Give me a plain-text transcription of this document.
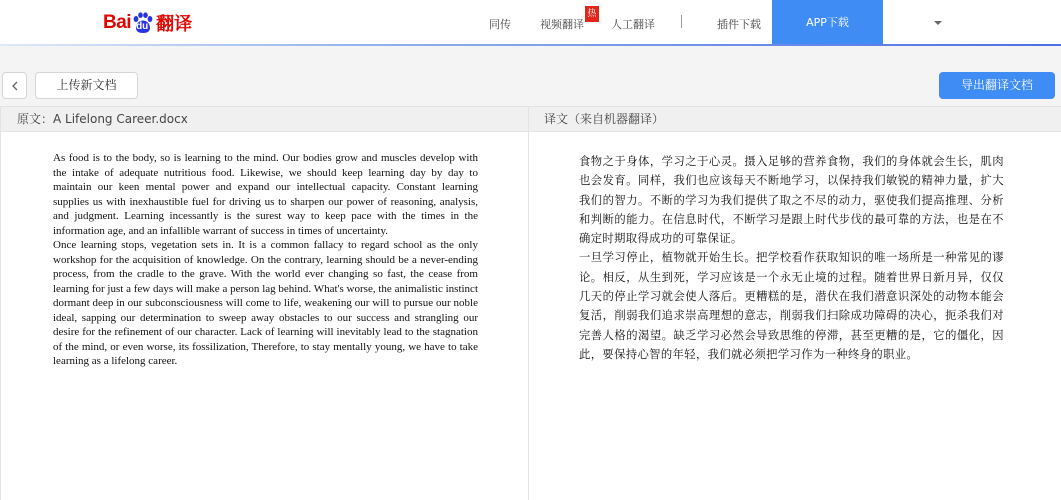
Bai du 翻译	同传	视频翻译
热
人工翻译	插件下载	APP下载
上传新文档	导出翻译文档
原文：A Lifelong Career.docx	译文（来自机器翻译）

As food is to the body, so is learning to the mind. Our bodies grow and muscles develop with the intake of adequate nutritious food. Likewise, we should keep learning day by day to maintain our keen mental power and expand our intellectual capacity. Constant learning supplies us with inexhaustible fuel for driving us to sharpen our power of reasoning, analysis, and judgment. Learning incessantly is the surest way to keep pace with the times in the information age, and an infallible warrant of success in times of uncertainty.

Once learning stops, vegetation sets in. It is a common fallacy to regard school as the only workshop for the acquisition of knowledge. On the contrary, learning should be a never-ending process, from the cradle to the grave. With the world ever changing so fast, the cease from learning for just a few days will make a person lag behind. What's worse, the animalistic instinct dormant deep in our subconsciousness will come to life, weakening our will to pursue our noble ideal, sapping our determination to sweep away obstacles to our success and strangling our desire for the refinement of our character. Lack of learning will inevitably lead to the stagnation of the mind, or even worse, its fossilization, Therefore, to stay mentally young, we have to take learning as a lifelong career.

食物之于身体，学习之于心灵。摄入足够的营养食物，我们的身体就会生长，肌肉也会发育。同样，我们也应该每天不断地学习，以保持我们敏锐的精神力量，扩大我们的智力。不断的学习为我们提供了取之不尽的动力，驱使我们提高推理、分析和判断的能力。在信息时代，不断学习是跟上时代步伐的最可靠的方法，也是在不确定时期取得成功的可靠保证。

一旦学习停止，植物就开始生长。把学校看作获取知识的唯一场所是一种常见的谬论。相反，从生到死，学习应该是一个永无止境的过程。随着世界日新月异，仅仅几天的停止学习就会使人落后。更糟糕的是，潜伏在我们潜意识深处的动物本能会复活，削弱我们追求崇高理想的意志，削弱我们扫除成功障碍的决心，扼杀我们对完善人格的渴望。缺乏学习必然会导致思维的停滞，甚至更糟的是，它的僵化，因此，要保持心智的年轻，我们就必须把学习作为一种终身的职业。
